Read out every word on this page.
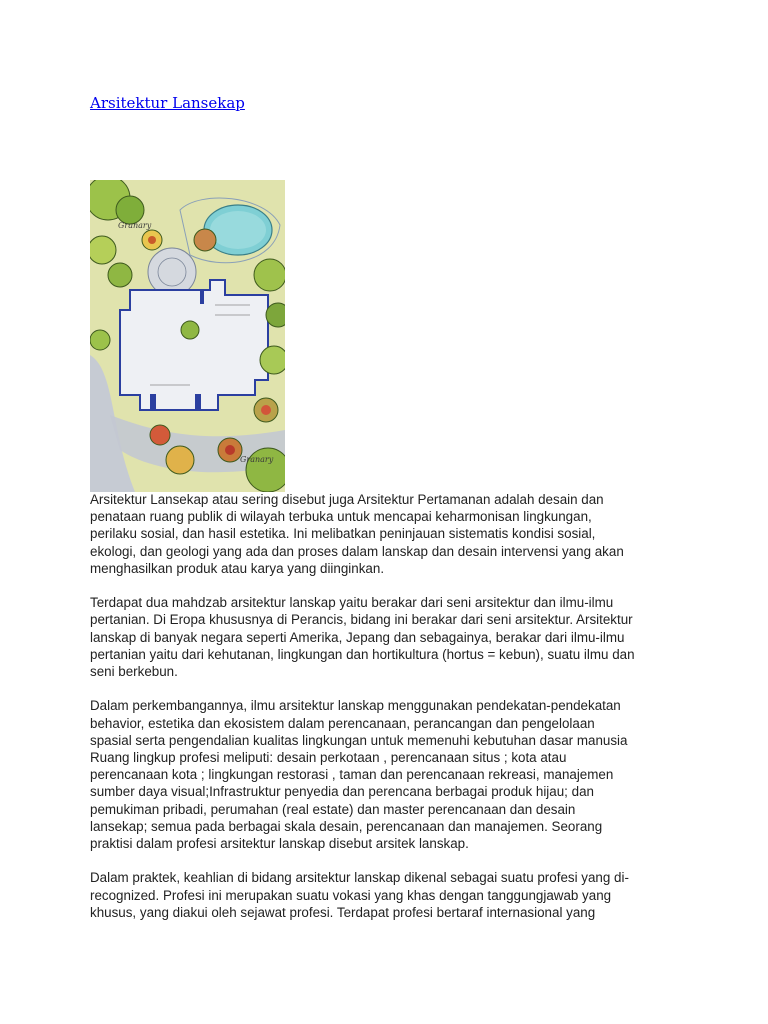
Arsitektur Lansekap
Granary
Granary

Arsitektur Lansekap atau sering disebut juga Arsitektur Pertamanan adalah desain dan
penataan ruang publik di wilayah terbuka untuk mencapai keharmonisan lingkungan,
perilaku sosial, dan hasil estetika. Ini melibatkan peninjauan sistematis kondisi sosial,
ekologi, dan geologi yang ada dan proses dalam lanskap dan desain intervensi yang akan
menghasilkan produk atau karya yang diinginkan.

Terdapat dua mahdzab arsitektur lanskap yaitu berakar dari seni arsitektur dan ilmu-ilmu
pertanian. Di Eropa khususnya di Perancis, bidang ini berakar dari seni arsitektur. Arsitektur
lanskap di banyak negara seperti Amerika, Jepang dan sebagainya, berakar dari ilmu-ilmu
pertanian yaitu dari kehutanan, lingkungan dan hortikultura (hortus = kebun), suatu ilmu dan
seni berkebun.

Dalam perkembangannya, ilmu arsitektur lanskap menggunakan pendekatan-pendekatan
behavior, estetika dan ekosistem dalam perencanaan, perancangan dan pengelolaan
spasial serta pengendalian kualitas lingkungan untuk memenuhi kebutuhan dasar manusia
Ruang lingkup profesi meliputi: desain perkotaan , perencanaan situs ; kota atau
perencanaan kota ; lingkungan restorasi , taman dan perencanaan rekreasi, manajemen
sumber daya visual;Infrastruktur penyedia dan perencana berbagai produk hijau; dan
pemukiman pribadi, perumahan (real estate) dan master perencanaan dan desain
lansekap; semua pada berbagai skala desain, perencanaan dan manajemen. Seorang
praktisi dalam profesi arsitektur lanskap disebut arsitek lanskap.

Dalam praktek, keahlian di bidang arsitektur lanskap dikenal sebagai suatu profesi yang di-
recognized. Profesi ini merupakan suatu vokasi yang khas dengan tanggungjawab yang
khusus, yang diakui oleh sejawat profesi. Terdapat profesi bertaraf internasional yang
